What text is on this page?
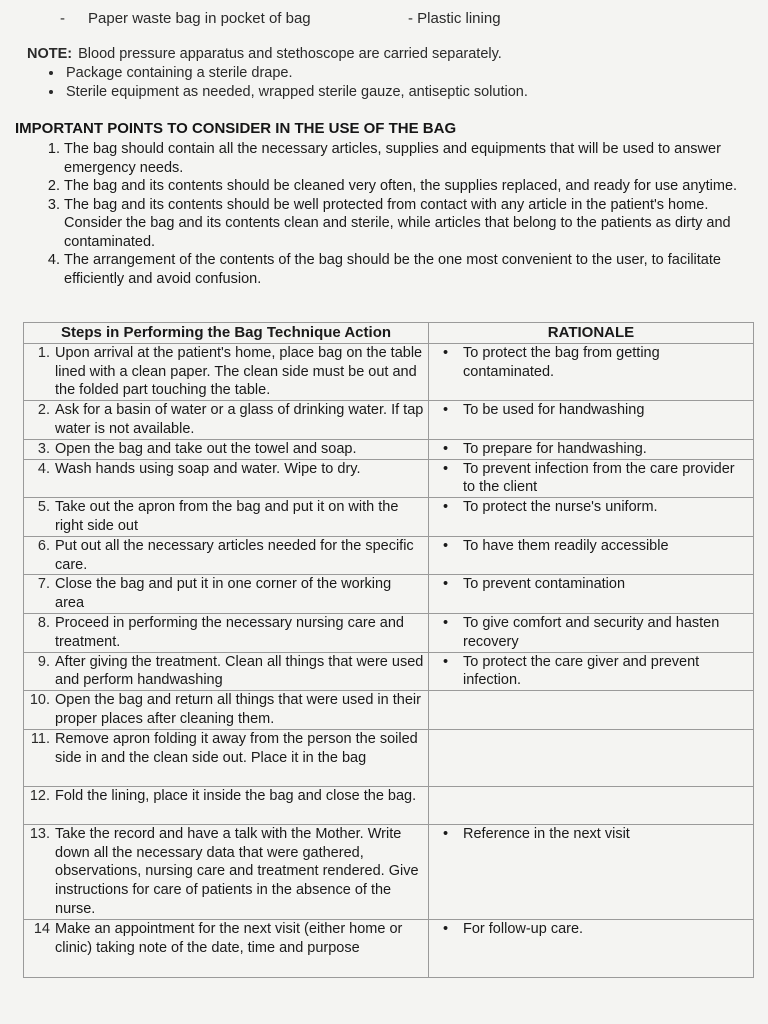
- Paper waste bag in pocket of bag	- Plastic lining
NOTE: Blood pressure apparatus and stethoscope are carried separately.
• Package containing a sterile drape.
• Sterile equipment as needed, wrapped sterile gauze, antiseptic solution.
IMPORTANT POINTS TO CONSIDER IN THE USE OF THE BAG
1. The bag should contain all the necessary articles, supplies and equipments that will be used to answer emergency needs.
2. The bag and its contents should be cleaned very often, the supplies replaced, and ready for use anytime.
3. The bag and its contents should be well protected from contact with any article in the patient's home. Consider the bag and its contents clean and sterile, while articles that belong to the patients as dirty and contaminated.
4. The arrangement of the contents of the bag should be the one most convenient to the user, to facilitate efficiently and avoid confusion.
Steps in Performing the Bag Technique Action	RATIONALE

1. Upon arrival at the patient's home, place bag on the table lined with a clean paper. The clean side must be out and the folded part touching the table.	• To protect the bag from getting contaminated.

2. Ask for a basin of water or a glass of drinking water. If tap water is not available.	• To be used for handwashing

3. Open the bag and take out the towel and soap.	• To prepare for handwashing.

4. Wash hands using soap and water. Wipe to dry.	• To prevent infection from the care provider to the client

5. Take out the apron from the bag and put it on with the right side out	• To protect the nurse's uniform.

6. Put out all the necessary articles needed for the specific care.	• To have them readily accessible

7. Close the bag and put it in one corner of the working area	• To prevent contamination

8. Proceed in performing the necessary nursing care and treatment.	• To give comfort and security and hasten recovery

9. After giving the treatment. Clean all things that were used and perform handwashing	• To protect the care giver and prevent infection.

10. Open the bag and return all things that were used in their proper places after cleaning them.	

11. Remove apron folding it away from the person the soiled side in and the clean side out. Place it in the bag	

12. Fold the lining, place it inside the bag and close the bag.	

13. Take the record and have a talk with the Mother. Write down all the necessary data that were gathered, observations, nursing care and treatment rendered. Give instructions for care of patients in the absence of the nurse.	• Reference in the next visit

14 Make an appointment for the next visit (either home or clinic) taking note of the date, time and purpose	• For follow-up care.
